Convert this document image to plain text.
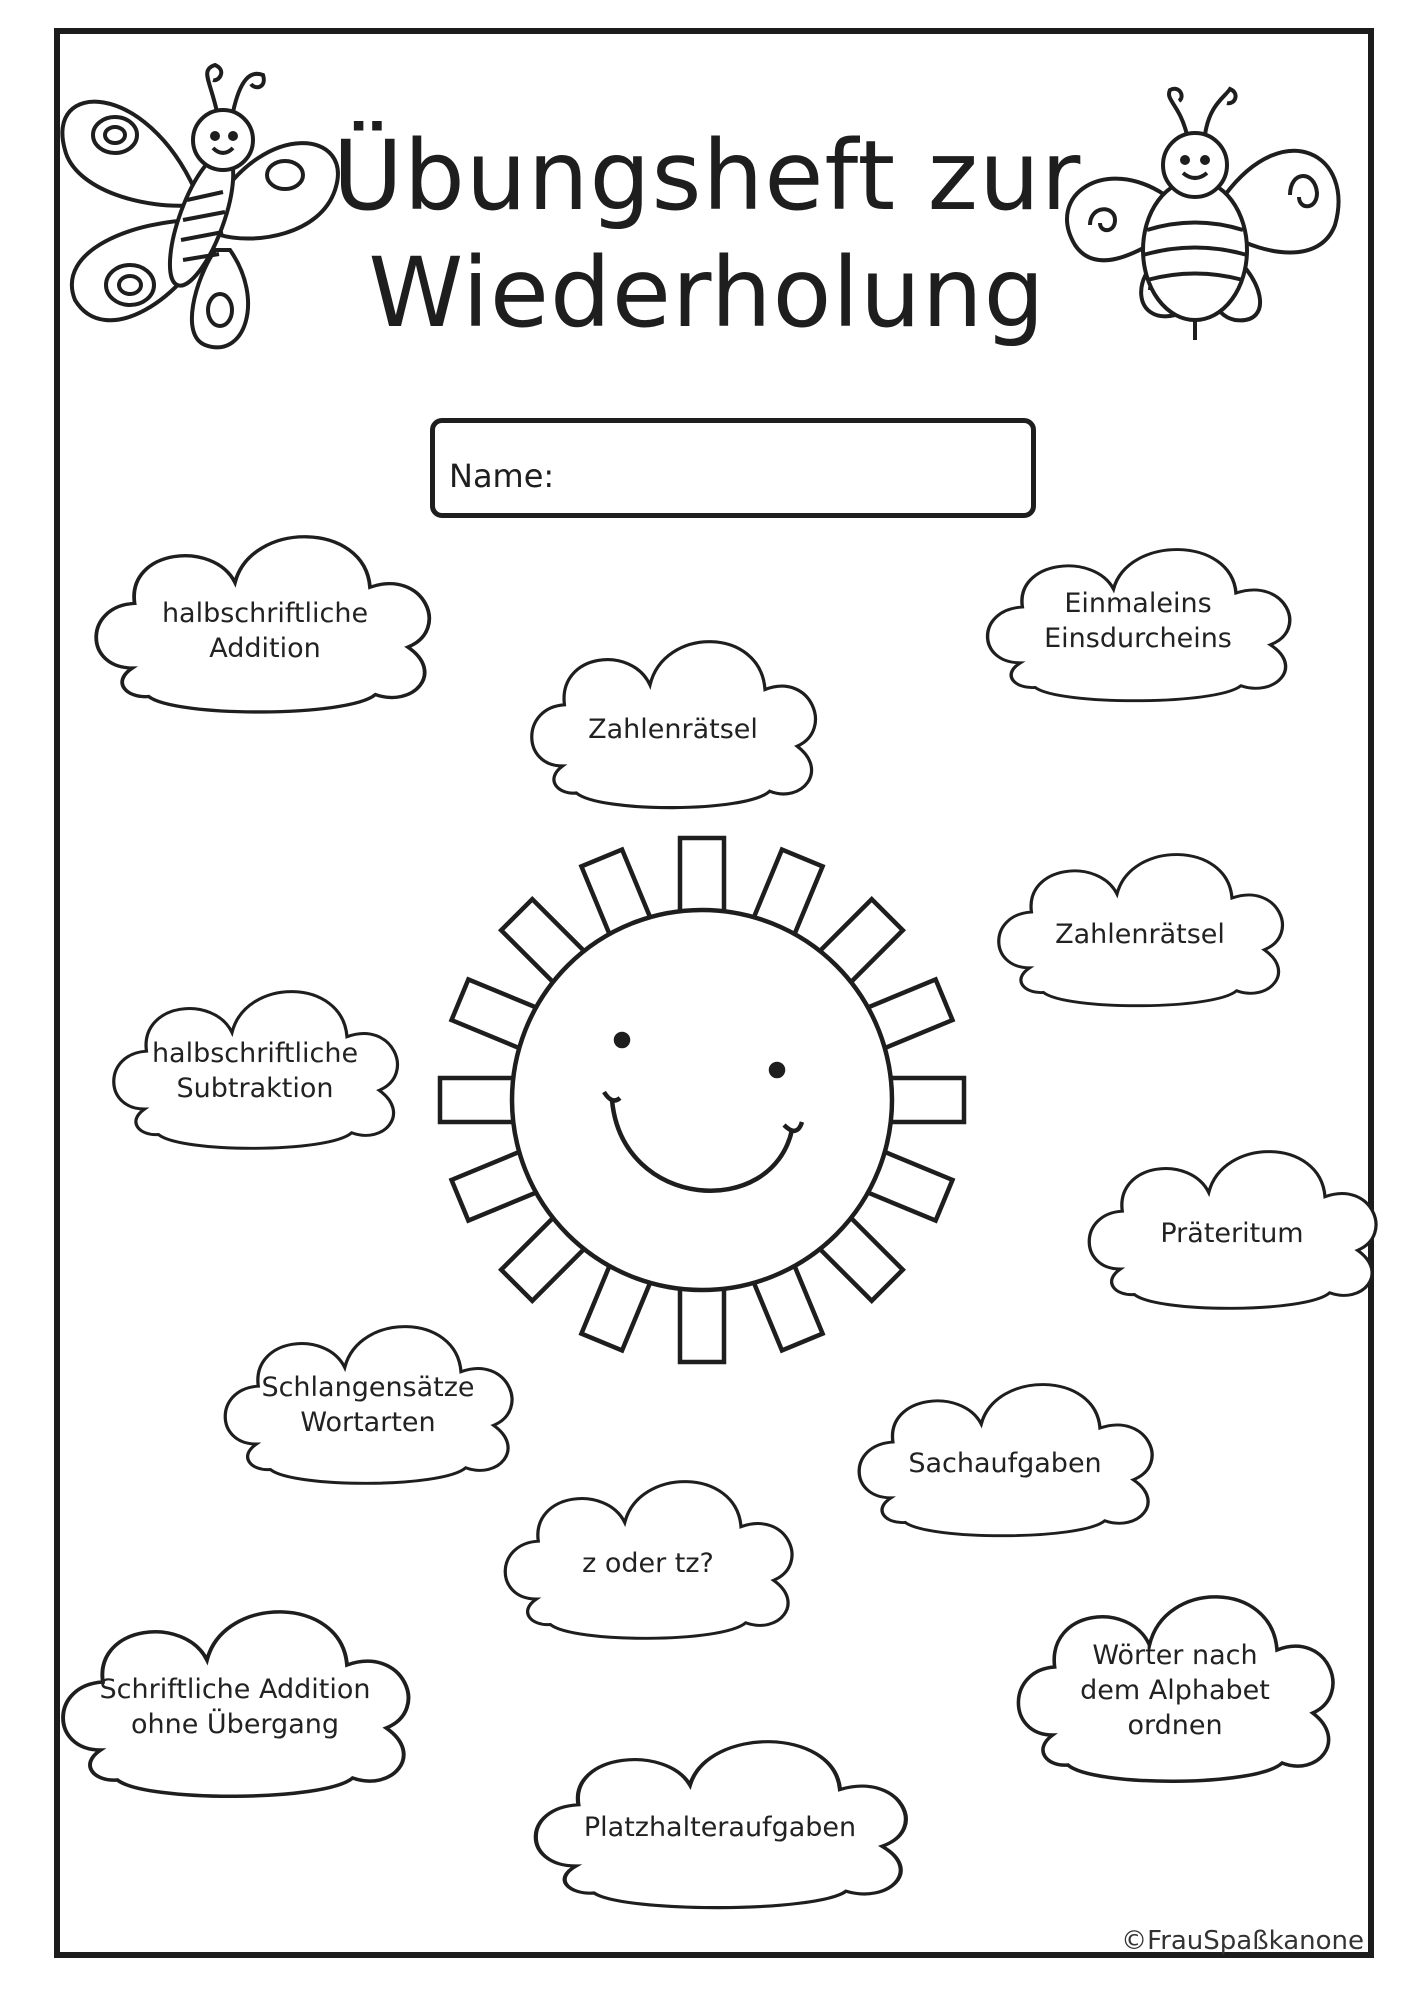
Übungsheft zur
Wiederholung
Name:
halbschriftliche
Addition
Einmaleins
Einsdurcheins
Zahlenrätsel
Zahlenrätsel
halbschriftliche
Subtraktion
Präteritum
Schlangensätze
Wortarten
Sachaufgaben
z oder tz?
Wörter nach
dem Alphabet
ordnen
Schriftliche Addition
ohne Übergang
Platzhalteraufgaben
©FrauSpaßkanone
